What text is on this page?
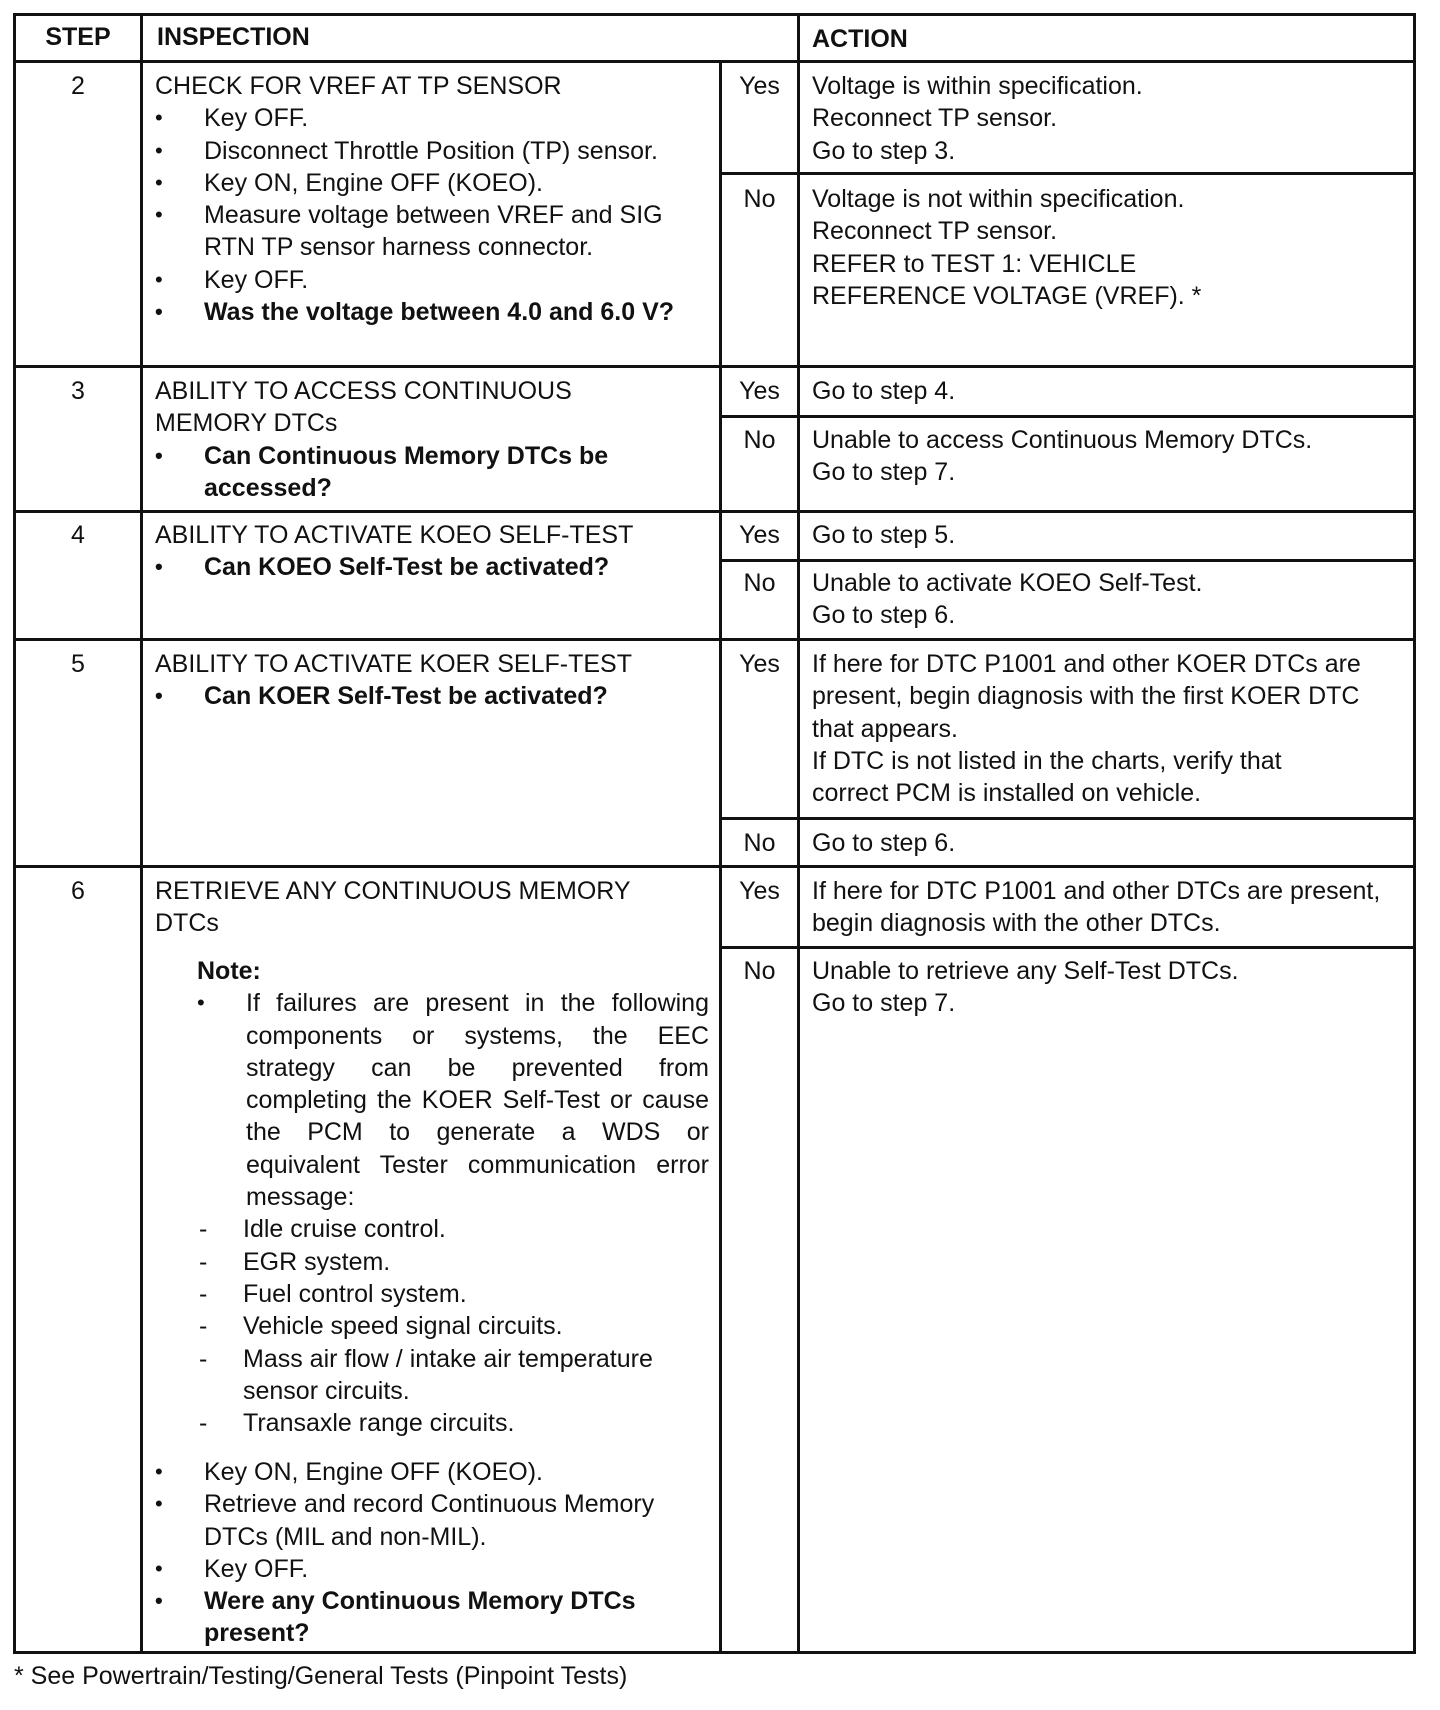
STEP	INSPECTION	ACTION
2	CHECK FOR VREF AT TP SENSOR
• Key OFF.
• Disconnect Throttle Position (TP) sensor.
• Key ON, Engine OFF (KOEO).
• Measure voltage between VREF and SIG RTN TP sensor harness connector.
• Key OFF.
• Was the voltage between 4.0 and 6.0 V?
Yes	Voltage is within specification.
Reconnect TP sensor.
Go to step 3.
No	Voltage is not within specification.
Reconnect TP sensor.
REFER to TEST 1: VEHICLE REFERENCE VOLTAGE (VREF). *
3	ABILITY TO ACCESS CONTINUOUS MEMORY DTCs
• Can Continuous Memory DTCs be accessed?
Yes	Go to step 4.
No	Unable to access Continuous Memory DTCs.
Go to step 7.
4	ABILITY TO ACTIVATE KOEO SELF-TEST
• Can KOEO Self-Test be activated?
Yes	Go to step 5.
No	Unable to activate KOEO Self-Test.
Go to step 6.
5	ABILITY TO ACTIVATE KOER SELF-TEST
• Can KOER Self-Test be activated?
Yes	If here for DTC P1001 and other KOER DTCs are present, begin diagnosis with the first KOER DTC that appears.
If DTC is not listed in the charts, verify that correct PCM is installed on vehicle.
No	Go to step 6.
6	RETRIEVE ANY CONTINUOUS MEMORY DTCs
Note:
• If failures are present in the following components or systems, the EEC strategy can be prevented from completing the KOER Self-Test or cause the PCM to generate a WDS or equivalent Tester communication error message:
- Idle cruise control.
- EGR system.
- Fuel control system.
- Vehicle speed signal circuits.
- Mass air flow / intake air temperature sensor circuits.
- Transaxle range circuits.
• Key ON, Engine OFF (KOEO).
• Retrieve and record Continuous Memory DTCs (MIL and non-MIL).
• Key OFF.
• Were any Continuous Memory DTCs present?
Yes	If here for DTC P1001 and other DTCs are present, begin diagnosis with the other DTCs.
No	Unable to retrieve any Self-Test DTCs.
Go to step 7.
* See Powertrain/Testing/General Tests (Pinpoint Tests)
